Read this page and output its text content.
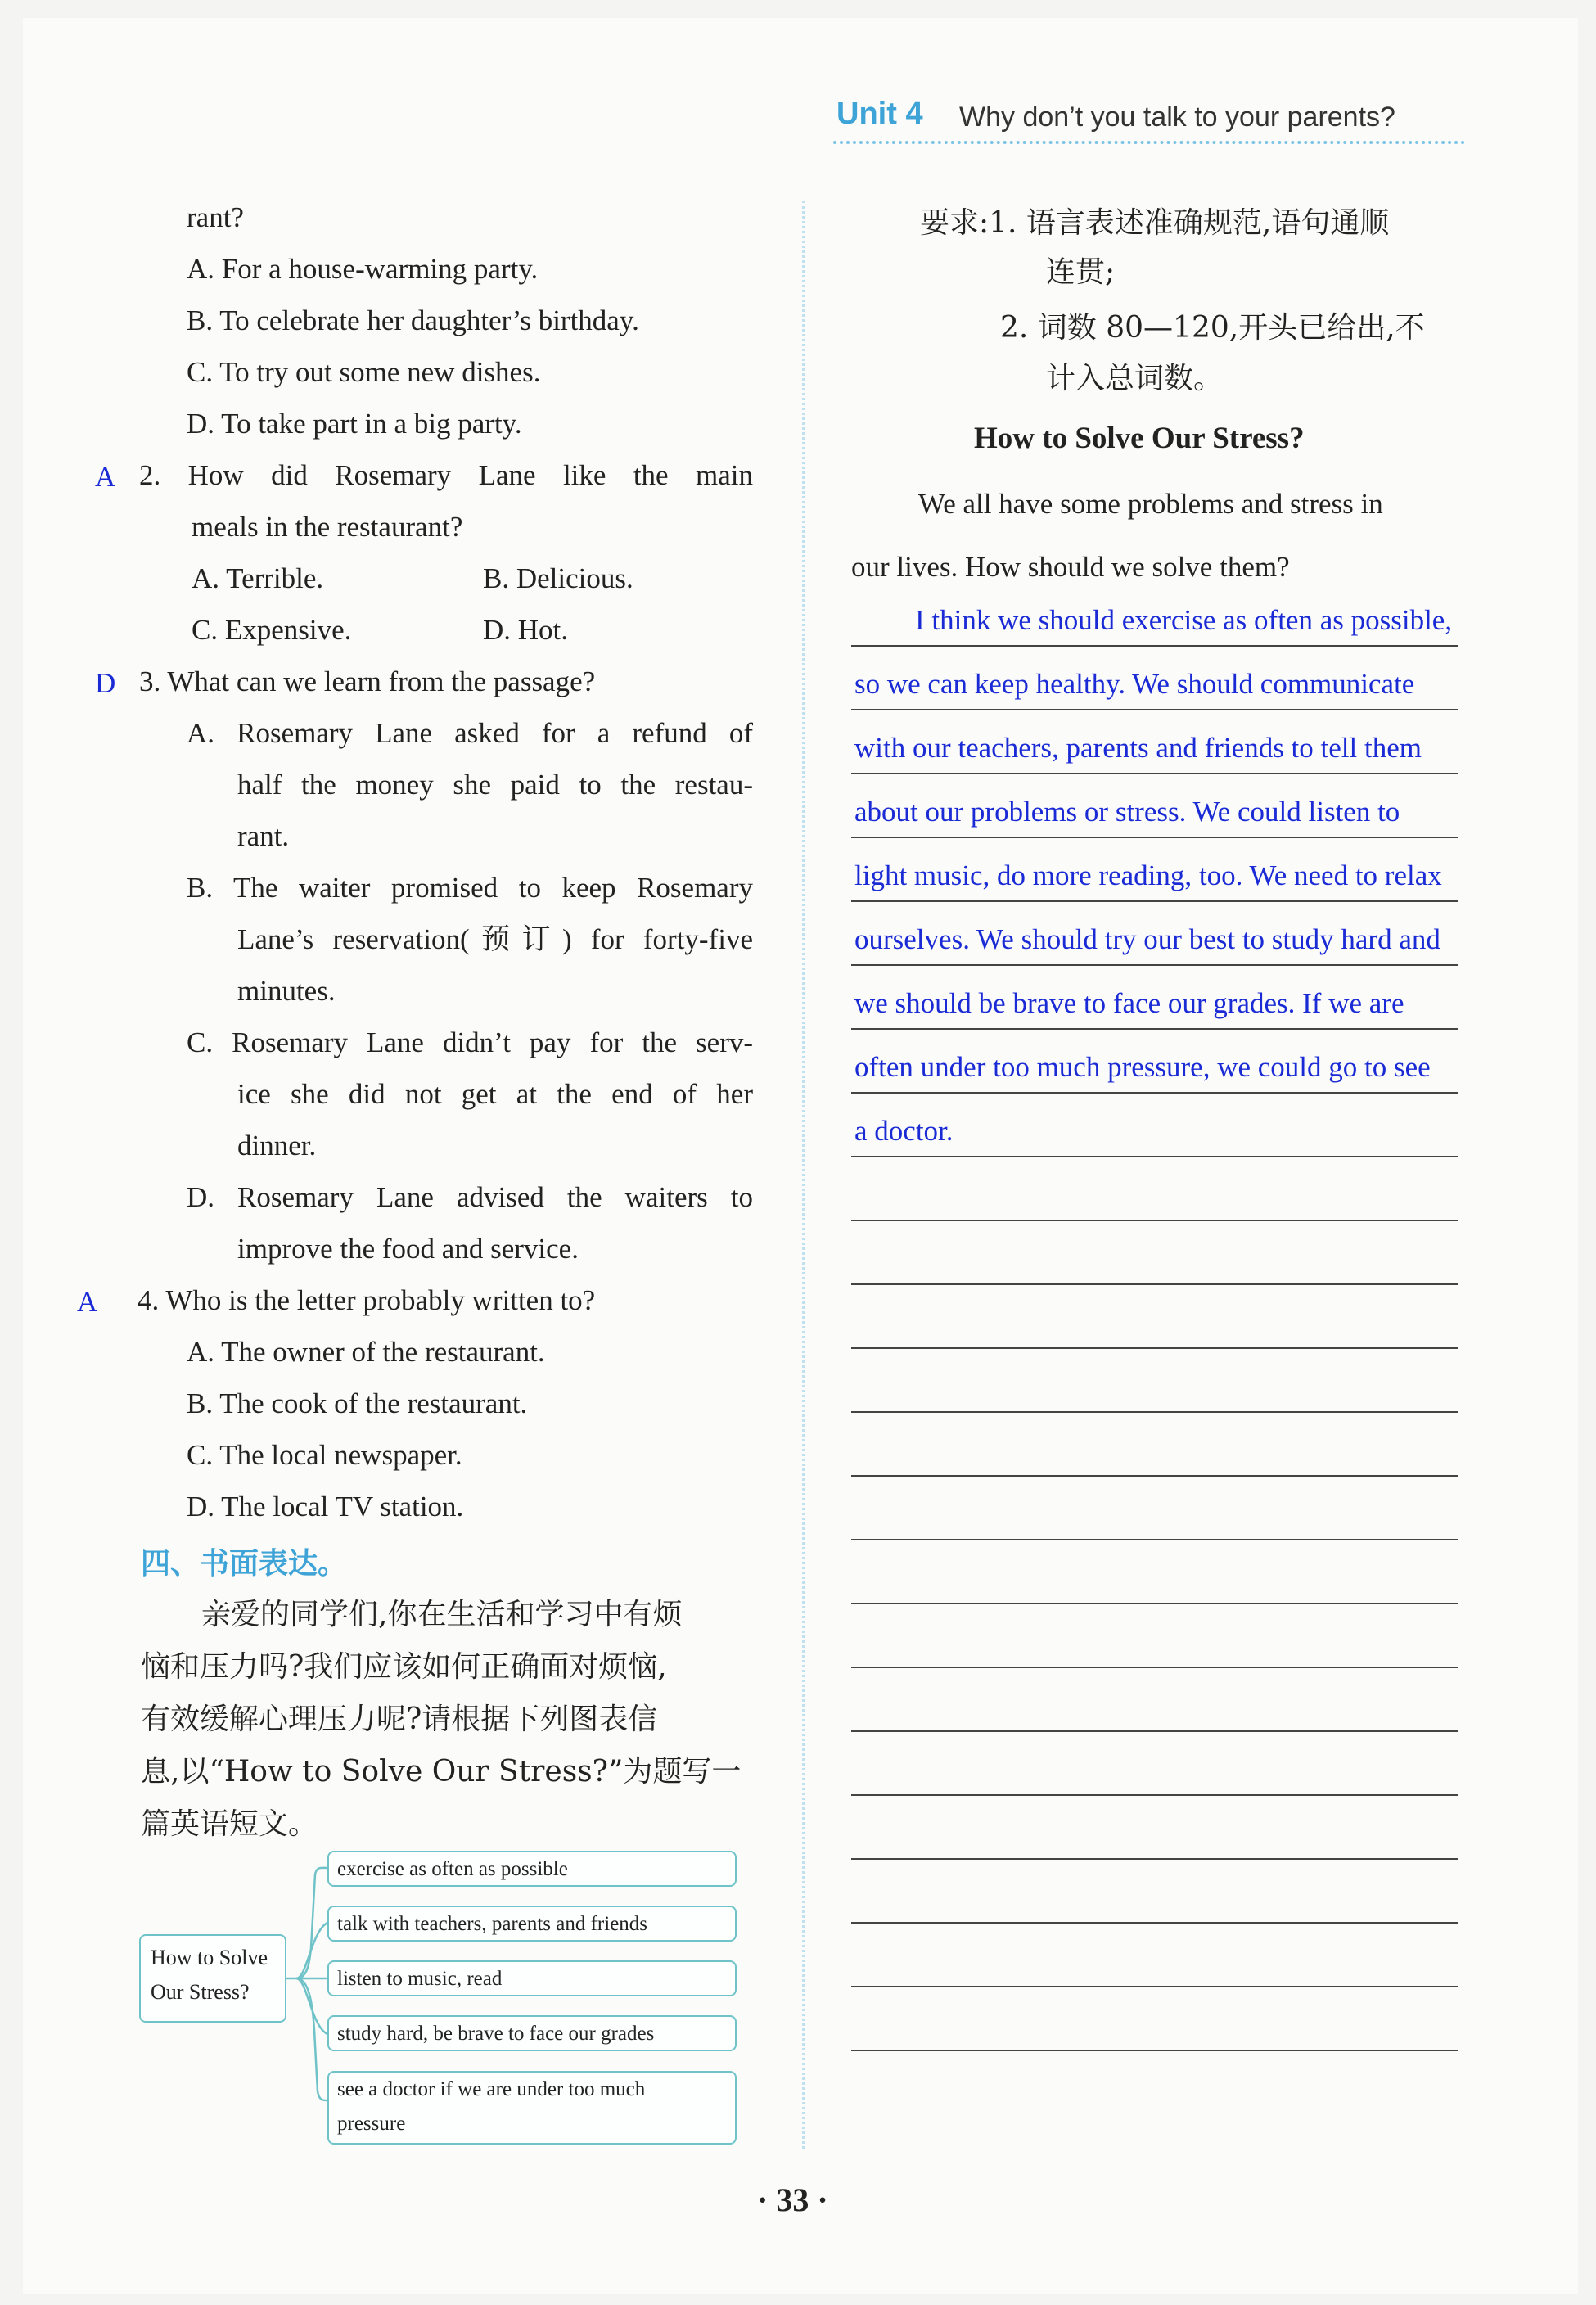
Unit 4 Why don’t you talk to your parents?
rant?
A. For a house-warming party.
B. To celebrate her daughter’s birthday.
C. To try out some new dishes.
D. To take part in a big party.
A 2. How did Rosemary Lane like the main
meals in the restaurant?
A. Terrible.	B. Delicious.
C. Expensive.	D. Hot.
D 3. What can we learn from the passage?
A. Rosemary Lane asked for a refund of
half the money she paid to the restau-
rant.
B. The waiter promised to keep Rosemary
Lane’s reservation(预订) for forty-five
minutes.
C. Rosemary Lane didn’t pay for the serv-
ice she did not get at the end of her
dinner.
D. Rosemary Lane advised the waiters to
improve the food and service.
A 4. Who is the letter probably written to?
A. The owner of the restaurant.
B. The cook of the restaurant.
C. The local newspaper.
D. The local TV station.
四、书面表达。
亲爱的同学们,你在生活和学习中有烦
恼和压力吗?我们应该如何正确面对烦恼,
有效缓解心理压力呢?请根据下列图表信
息,以“How to Solve Our Stress?”为题写一
篇英语短文。
How to Solve
Our Stress?
exercise as often as possible
talk with teachers, parents and friends
listen to music, read
study hard, be brave to face our grades
see a doctor if we are under too much
pressure
要求:1. 语言表述准确规范,语句通顺
连贯;
2. 词数 80—120,开头已给出,不
计入总词数。
How to Solve Our Stress?
We all have some problems and stress in
our lives. How should we solve them?
I think we should exercise as often as possible,
so we can keep healthy. We should communicate
with our teachers, parents and friends to tell them
about our problems or stress. We could listen to
light music, do more reading, too. We need to relax
ourselves. We should try our best to study hard and
we should be brave to face our grades. If we are
often under too much pressure, we could go to see
a doctor.
· 33 ·
